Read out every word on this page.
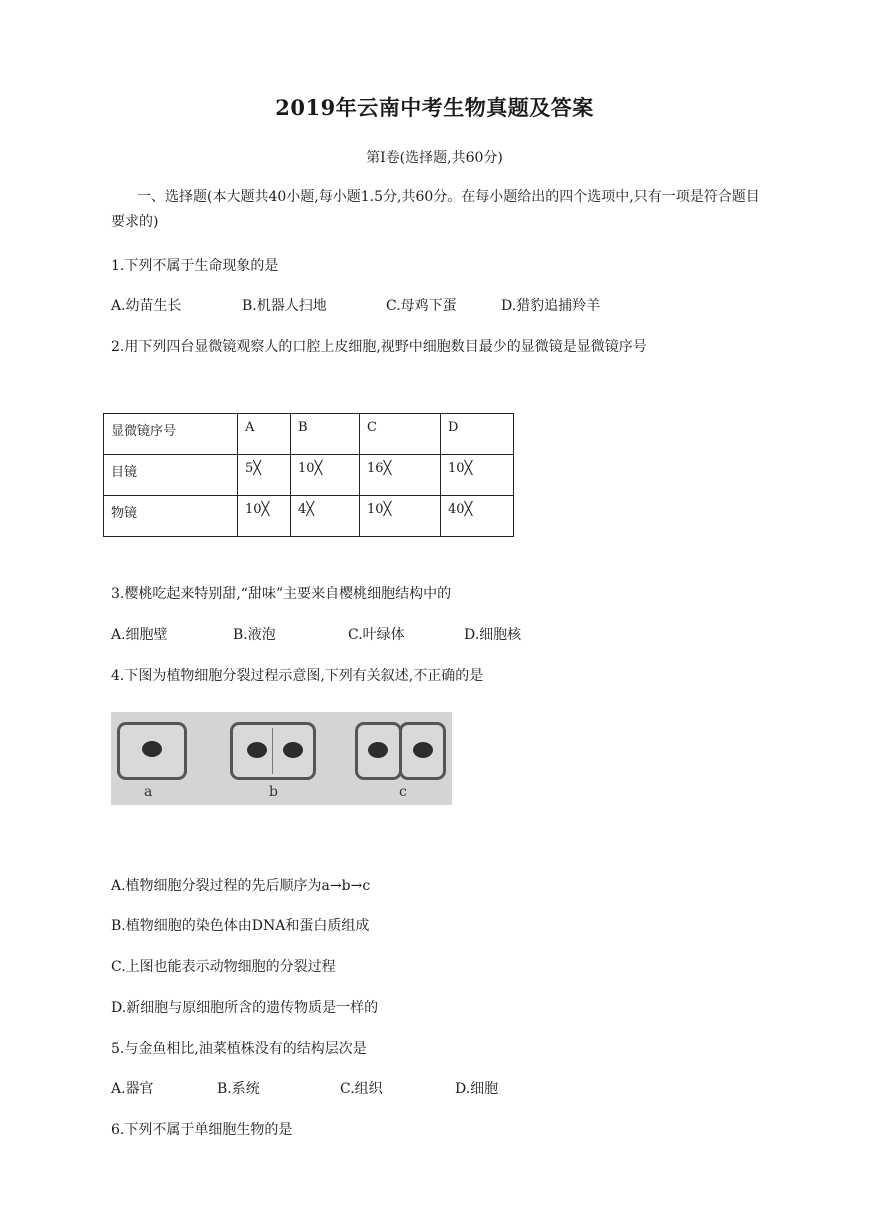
2019年云南中考生物真题及答案
第Ⅰ卷(选择题,共60分)
一、选择题(本大题共40小题,每小题1.5分,共60分。在每小题给出的四个选项中,只有一项是符合题目要求的)
1.下列不属于生命现象的是
A.幼苗生长	B.机器人扫地	C.母鸡下蛋	D.猎豹追捕羚羊
2.用下列四台显微镜观察人的口腔上皮细胞,视野中细胞数目最少的显微镜是显微镜序号
显微镜序号	A	B	C	D
目镜	5╳	10╳	16╳	10╳
物镜	10╳	4╳	10╳	40╳
3.樱桃吃起来特别甜,“甜味”主要来自樱桃细胞结构中的
A.细胞壁	B.液泡	C.叶绿体	D.细胞核
4.下图为植物细胞分裂过程示意图,下列有关叙述,不正确的是
a	b	c
A.植物细胞分裂过程的先后顺序为a→b→c
B.植物细胞的染色体由DNA和蛋白质组成
C.上图也能表示动物细胞的分裂过程
D.新细胞与原细胞所含的遗传物质是一样的
5.与金鱼相比,油菜植株没有的结构层次是
A.器官	B.系统	C.组织	D.细胞
6.下列不属于单细胞生物的是
